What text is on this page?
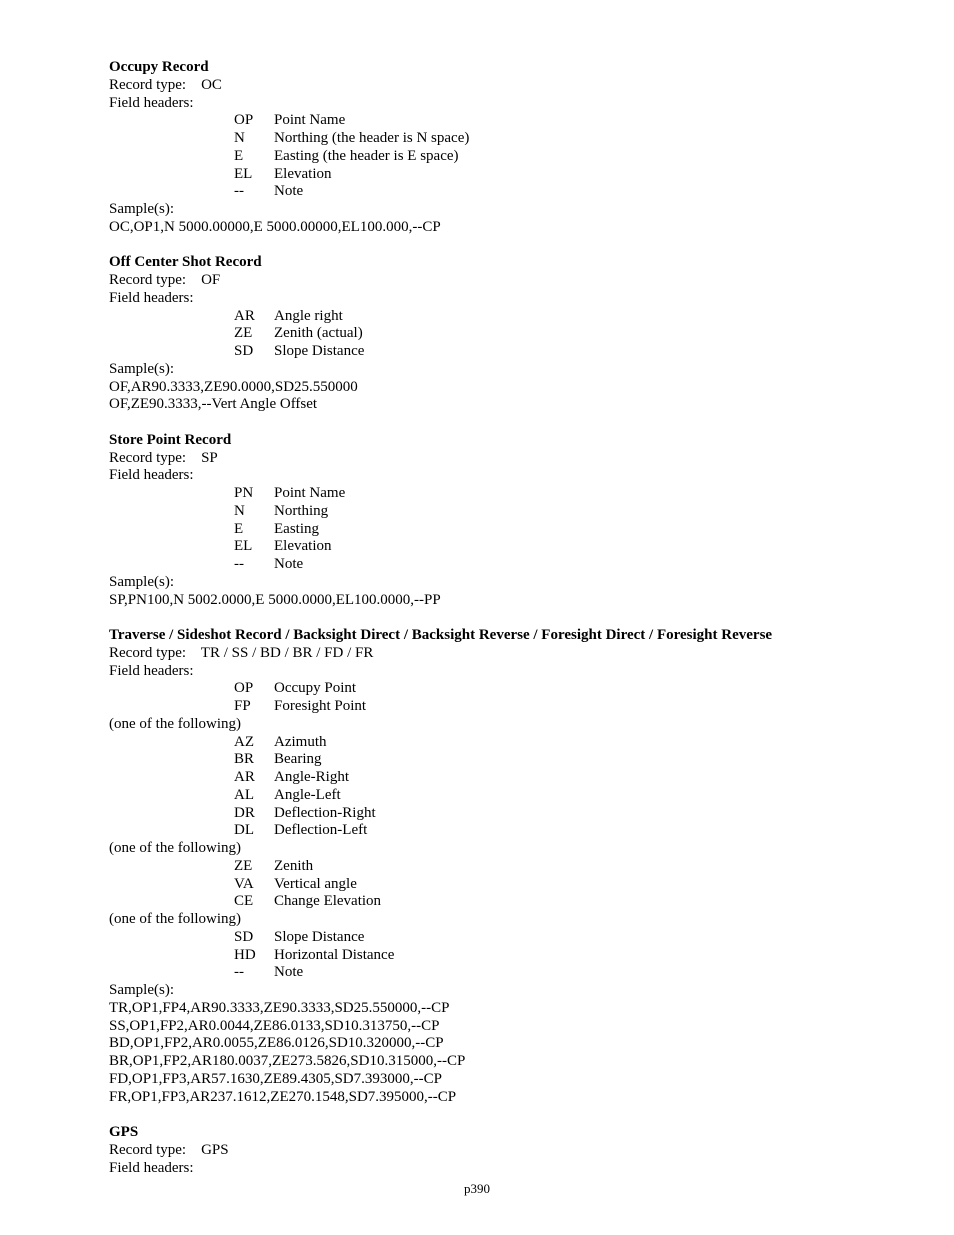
Occupy Record
Record type: OC
Field headers:
OP Point Name
N Northing (the header is N space)
E Easting (the header is E space)
EL Elevation
-- Note
Sample(s):
OC,OP1,N 5000.00000,E 5000.00000,EL100.000,--CP
Off Center Shot Record
Record type: OF
Field headers:
AR Angle right
ZE Zenith (actual)
SD Slope Distance
Sample(s):
OF,AR90.3333,ZE90.0000,SD25.550000
OF,ZE90.3333,--Vert Angle Offset
Store Point Record
Record type: SP
Field headers:
PN Point Name
N Northing
E Easting
EL Elevation
-- Note
Sample(s):
SP,PN100,N 5002.0000,E 5000.0000,EL100.0000,--PP
Traverse / Sideshot Record / Backsight Direct / Backsight Reverse / Foresight Direct / Foresight Reverse
Record type: TR / SS / BD / BR / FD / FR
Field headers:
OP Occupy Point
FP Foresight Point
(one of the following)
AZ Azimuth
BR Bearing
AR Angle-Right
AL Angle-Left
DR Deflection-Right
DL Deflection-Left
(one of the following)
ZE Zenith
VA Vertical angle
CE Change Elevation
(one of the following)
SD Slope Distance
HD Horizontal Distance
-- Note
Sample(s):
TR,OP1,FP4,AR90.3333,ZE90.3333,SD25.550000,--CP
SS,OP1,FP2,AR0.0044,ZE86.0133,SD10.313750,--CP
BD,OP1,FP2,AR0.0055,ZE86.0126,SD10.320000,--CP
BR,OP1,FP2,AR180.0037,ZE273.5826,SD10.315000,--CP
FD,OP1,FP3,AR57.1630,ZE89.4305,SD7.393000,--CP
FR,OP1,FP3,AR237.1612,ZE270.1548,SD7.395000,--CP
GPS
Record type: GPS
Field headers:
p390
